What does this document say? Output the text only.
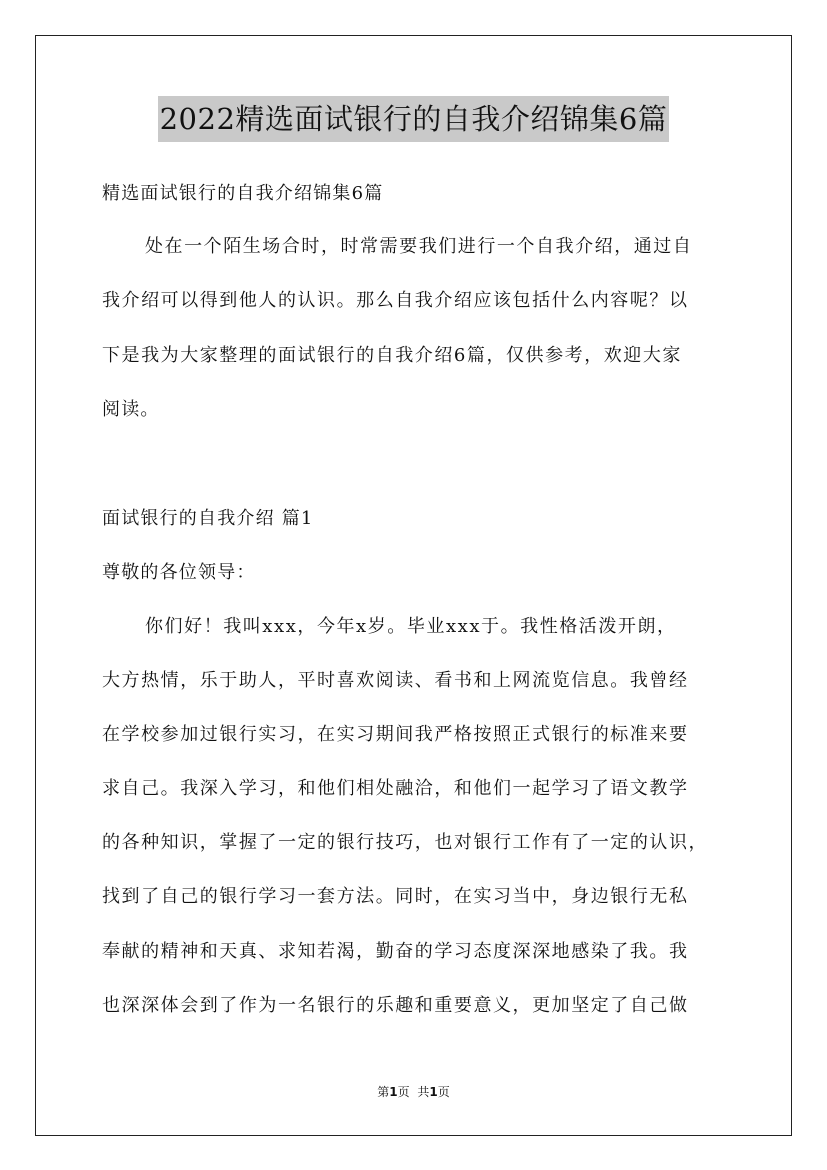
2022精选面试银行的自我介绍锦集6篇
精选面试银行的自我介绍锦集6篇
处在一个陌生场合时，时常需要我们进行一个自我介绍，通过自
我介绍可以得到他人的认识。那么自我介绍应该包括什么内容呢？以
下是我为大家整理的面试银行的自我介绍6篇，仅供参考，欢迎大家
阅读。
面试银行的自我介绍 篇1
尊敬的各位领导：
你们好！我叫xxx，今年x岁。毕业xxx于。我性格活泼开朗，
大方热情，乐于助人，平时喜欢阅读、看书和上网流览信息。我曾经
在学校参加过银行实习，在实习期间我严格按照正式银行的标准来要
求自己。我深入学习，和他们相处融洽，和他们一起学习了语文教学
的各种知识，掌握了一定的银行技巧，也对银行工作有了一定的认识，
找到了自己的银行学习一套方法。同时，在实习当中，身边银行无私
奉献的精神和天真、求知若渴，勤奋的学习态度深深地感染了我。我
也深深体会到了作为一名银行的乐趣和重要意义，更加坚定了自己做
第1页 共1页
